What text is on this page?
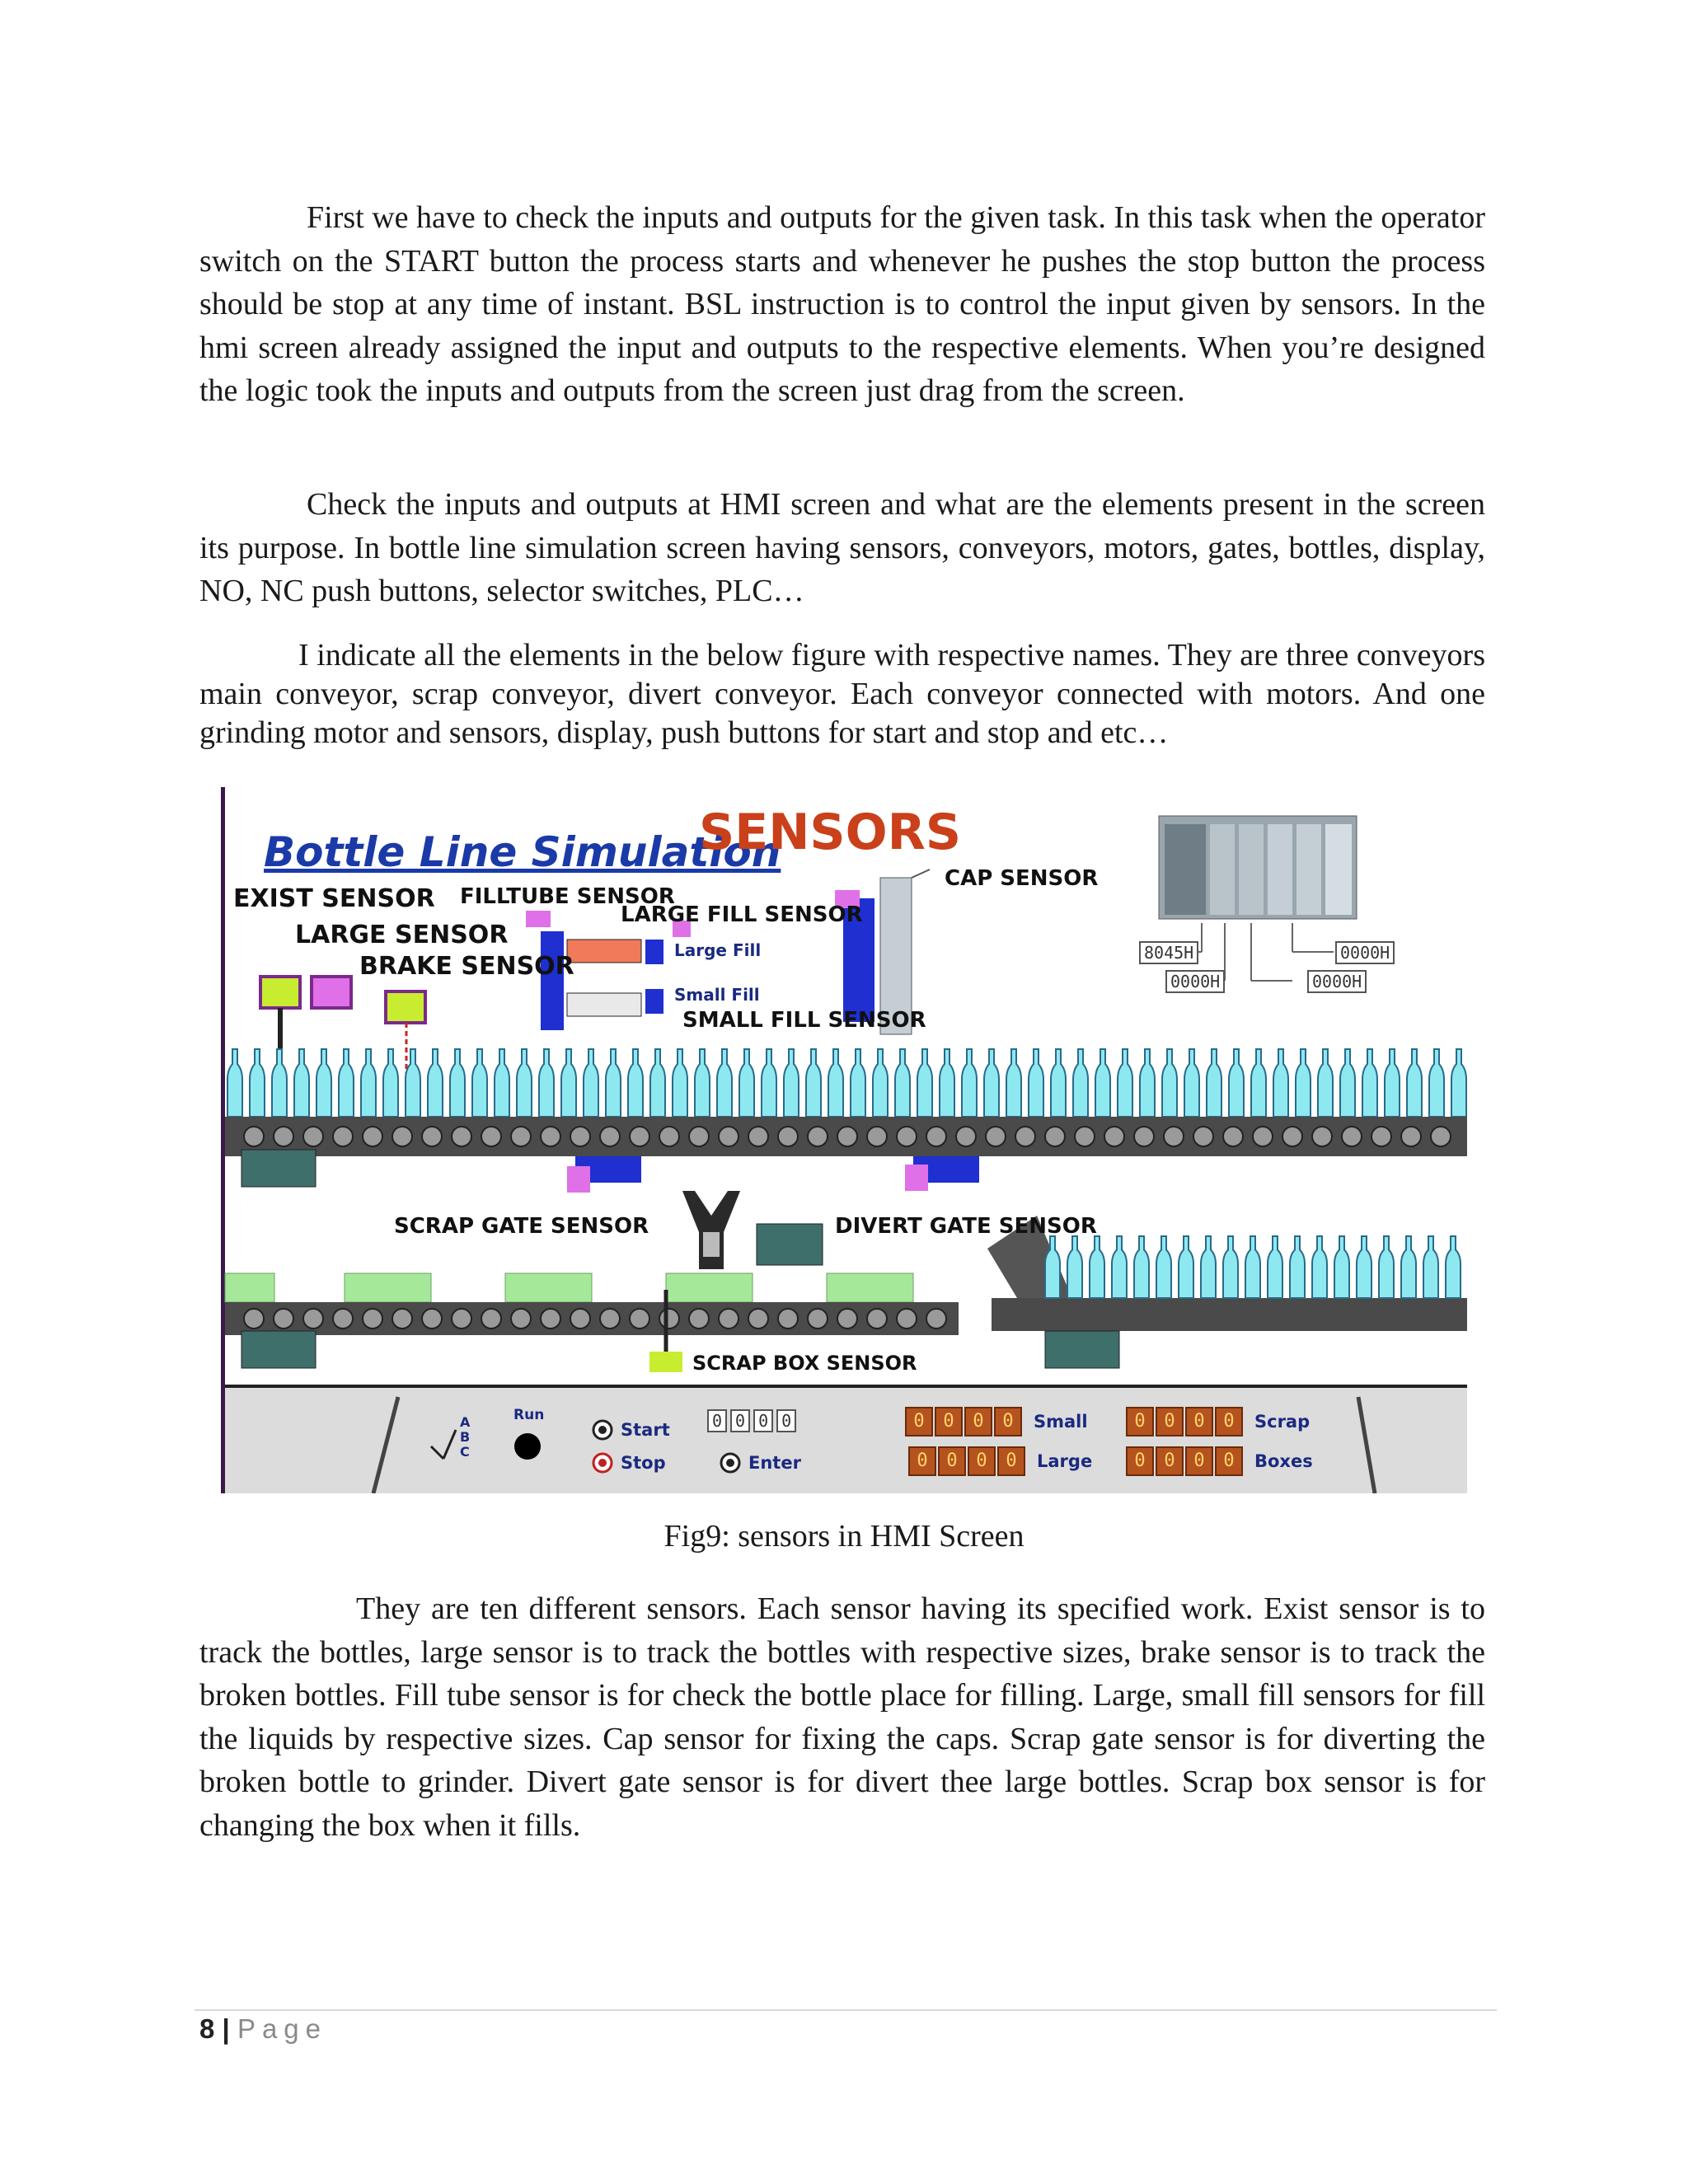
First we have to check the inputs and outputs for the given task. In this task when the operator switch on the START button the process starts and whenever he pushes the stop button the process should be stop at any time of instant. BSL instruction is to control the input given by sensors. In the hmi screen already assigned the input and outputs to the respective elements. When you’re designed the logic took the inputs and outputs from the screen just drag from the screen.

Check the inputs and outputs at HMI screen and what are the elements present in the screen its purpose. In bottle line simulation screen having sensors, conveyors, motors, gates, bottles, display, NO, NC push buttons, selector switches, PLC…

I indicate all the elements in the below figure with respective names. They are three conveyors main conveyor, scrap conveyor, divert conveyor. Each conveyor connected with motors. And one grinding motor and sensors, display, push buttons for start and stop and etc…

Bottle Line Simulation
SENSORS
EXIST SENSOR
LARGE SENSOR
BRAKE SENSOR
FILLTUBE SENSOR
LARGE FILL SENSOR
Large Fill
Small Fill
SMALL FILL SENSOR
CAP SENSOR
SCRAP GATE SENSOR	DIVERT GATE SENSOR
SCRAP BOX SENSOR
8045H
0000H
0000H
0000H
A
B
C
Run
Start
Stop	Enter
0 0 0 0	0	0	0	0	Small
0	0	0	0	Large
0	0	0	0	Scrap
0	0	0	0	Boxes
Fig9: sensors in HMI Screen

They are ten different sensors. Each sensor having its specified work. Exist sensor is to track the bottles, large sensor is to track the bottles with respective sizes, brake sensor is to track the broken bottles. Fill tube sensor is for check the bottle place for filling. Large, small fill sensors for fill the liquids by respective sizes. Cap sensor for fixing the caps. Scrap gate sensor is for diverting the broken bottle to grinder. Divert gate sensor is for divert thee large bottles. Scrap box sensor is for changing the box when it fills.

8 | Page
